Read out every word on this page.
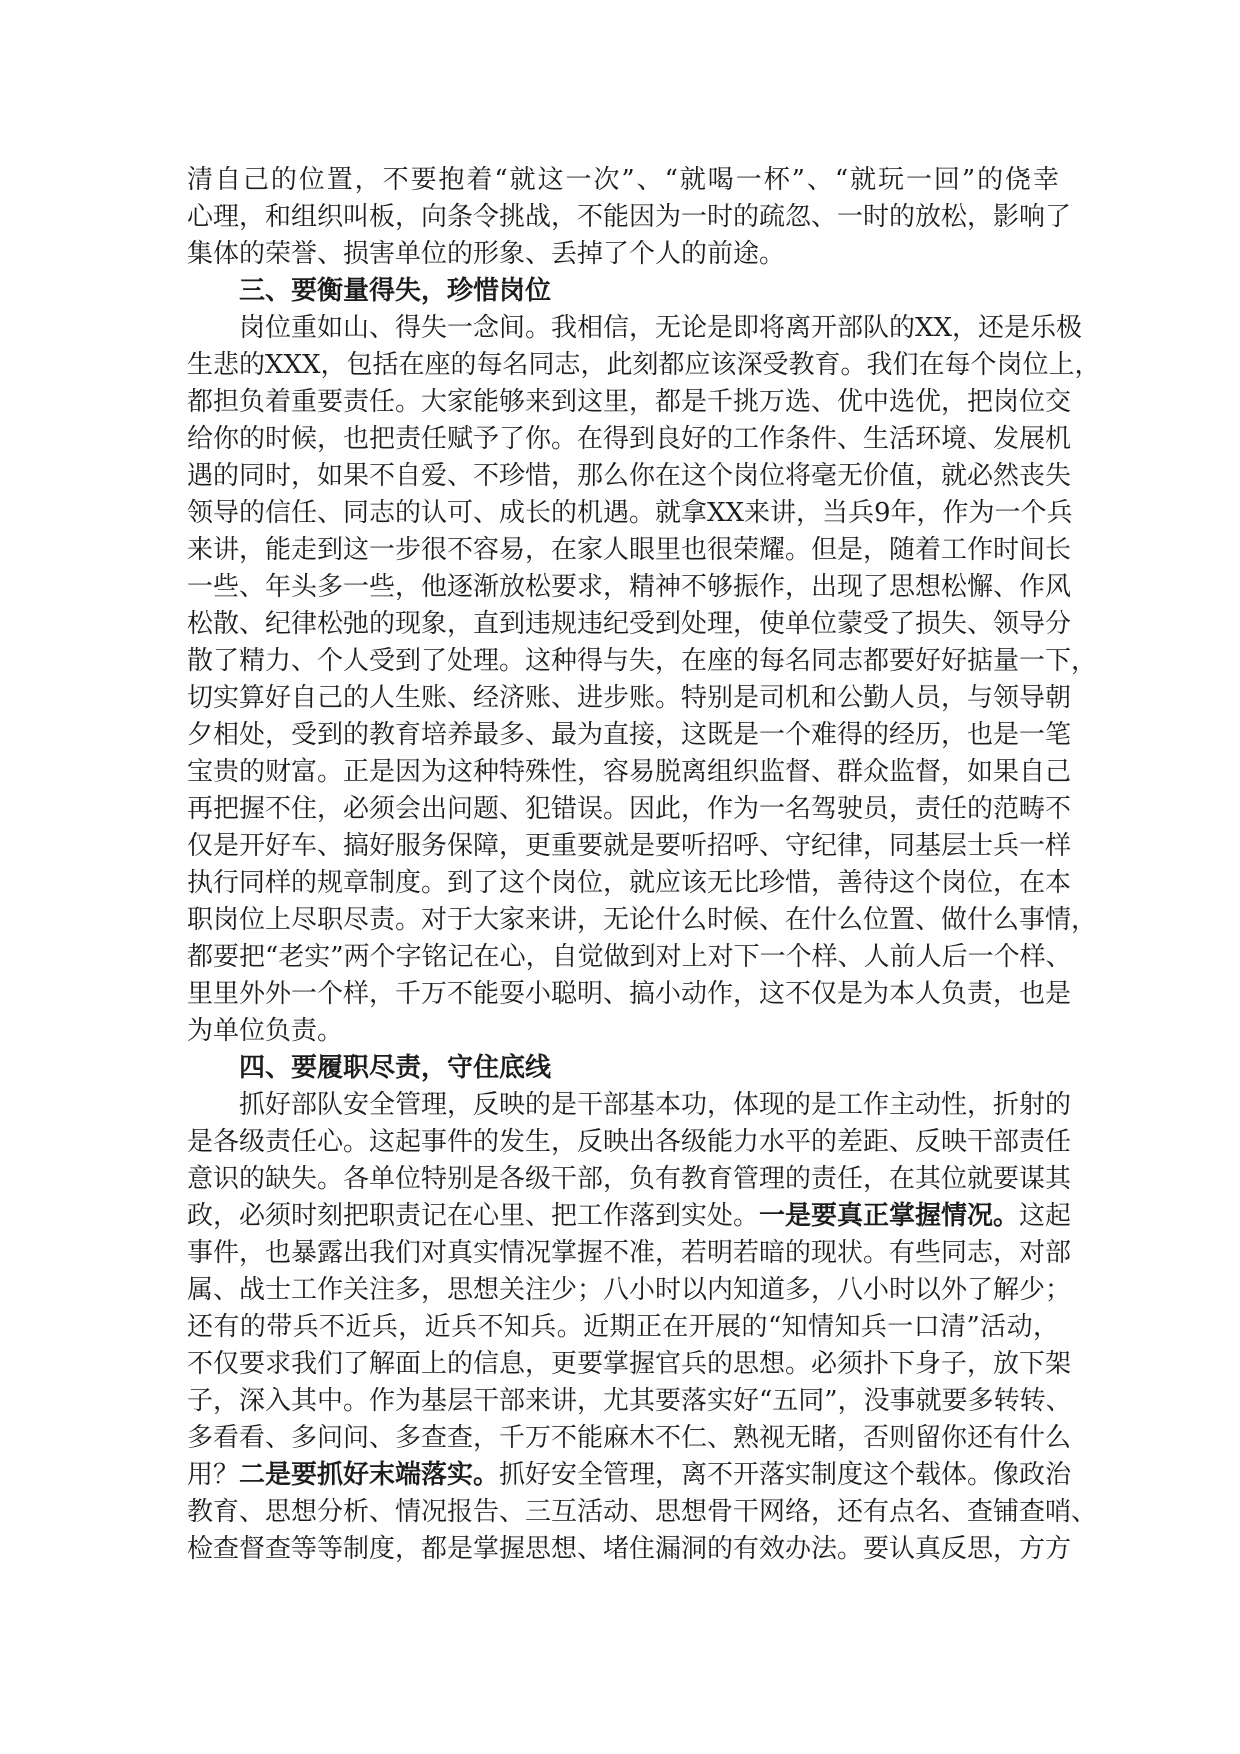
清自己的位置，不要抱着“就这一次”、“就喝一杯”、“就玩一回”的侥幸
心理，和组织叫板，向条令挑战，不能因为一时的疏忽、一时的放松，影响了
集体的荣誉、损害单位的形象、丢掉了个人的前途。
三、要衡量得失，珍惜岗位
岗位重如山、得失一念间。我相信，无论是即将离开部队的XX，还是乐极
生悲的XXX，包括在座的每名同志，此刻都应该深受教育。我们在每个岗位上，
都担负着重要责任。大家能够来到这里，都是千挑万选、优中选优，把岗位交
给你的时候，也把责任赋予了你。在得到良好的工作条件、生活环境、发展机
遇的同时，如果不自爱、不珍惜，那么你在这个岗位将毫无价值，就必然丧失
领导的信任、同志的认可、成长的机遇。就拿XX来讲，当兵9年，作为一个兵
来讲，能走到这一步很不容易，在家人眼里也很荣耀。但是，随着工作时间长
一些、年头多一些，他逐渐放松要求，精神不够振作，出现了思想松懈、作风
松散、纪律松弛的现象，直到违规违纪受到处理，使单位蒙受了损失、领导分
散了精力、个人受到了处理。这种得与失，在座的每名同志都要好好掂量一下，
切实算好自己的人生账、经济账、进步账。特别是司机和公勤人员，与领导朝
夕相处，受到的教育培养最多、最为直接，这既是一个难得的经历，也是一笔
宝贵的财富。正是因为这种特殊性，容易脱离组织监督、群众监督，如果自己
再把握不住，必须会出问题、犯错误。因此，作为一名驾驶员，责任的范畴不
仅是开好车、搞好服务保障，更重要就是要听招呼、守纪律，同基层士兵一样
执行同样的规章制度。到了这个岗位，就应该无比珍惜，善待这个岗位，在本
职岗位上尽职尽责。对于大家来讲，无论什么时候、在什么位置、做什么事情，
都要把“老实”两个字铭记在心，自觉做到对上对下一个样、人前人后一个样、
里里外外一个样，千万不能耍小聪明、搞小动作，这不仅是为本人负责，也是
为单位负责。
四、要履职尽责，守住底线
抓好部队安全管理，反映的是干部基本功，体现的是工作主动性，折射的
是各级责任心。这起事件的发生，反映出各级能力水平的差距、反映干部责任
意识的缺失。各单位特别是各级干部，负有教育管理的责任，在其位就要谋其
政，必须时刻把职责记在心里、把工作落到实处。一是要真正掌握情况。这起
事件，也暴露出我们对真实情况掌握不准，若明若暗的现状。有些同志，对部
属、战士工作关注多，思想关注少；八小时以内知道多，八小时以外了解少；
还有的带兵不近兵，近兵不知兵。近期正在开展的“知情知兵一口清”活动，
不仅要求我们了解面上的信息，更要掌握官兵的思想。必须扑下身子，放下架
子，深入其中。作为基层干部来讲，尤其要落实好“五同”，没事就要多转转、
多看看、多问问、多查查，千万不能麻木不仁、熟视无睹，否则留你还有什么
用？二是要抓好末端落实。抓好安全管理，离不开落实制度这个载体。像政治
教育、思想分析、情况报告、三互活动、思想骨干网络，还有点名、查铺查哨、
检查督查等等制度，都是掌握思想、堵住漏洞的有效办法。要认真反思，方方
